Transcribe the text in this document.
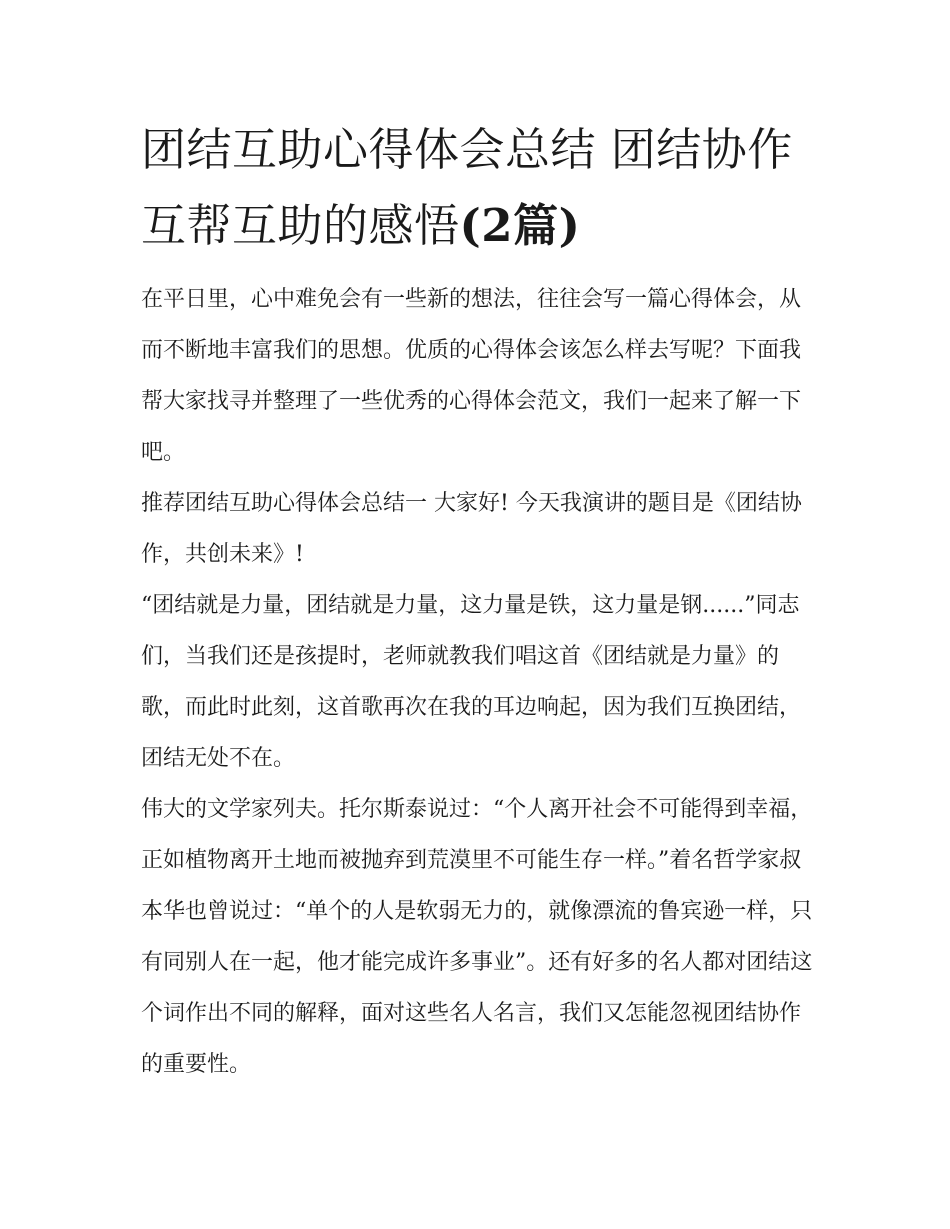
团结互助心得体会总结 团结协作互帮互助的感悟(2篇)

在平日里，心中难免会有一些新的想法，往往会写一篇心得体会，从而不断地丰富我们的思想。优质的心得体会该怎么样去写呢？下面我帮大家找寻并整理了一些优秀的心得体会范文，我们一起来了解一下吧。

推荐团结互助心得体会总结一 大家好! 今天我演讲的题目是《团结协作，共创未来》!

“团结就是力量，团结就是力量，这力量是铁，这力量是钢......”同志们，当我们还是孩提时，老师就教我们唱这首《团结就是力量》的歌，而此时此刻，这首歌再次在我的耳边响起，因为我们互换团结，团结无处不在。

伟大的文学家列夫。托尔斯泰说过：“个人离开社会不可能得到幸福，正如植物离开土地而被抛弃到荒漠里不可能生存一样。”着名哲学家叔本华也曾说过：“单个的人是软弱无力的，就像漂流的鲁宾逊一样，只有同别人在一起，他才能完成许多事业”。还有好多的名人都对团结这个词作出不同的解释，面对这些名人名言，我们又怎能忽视团结协作的重要性。
